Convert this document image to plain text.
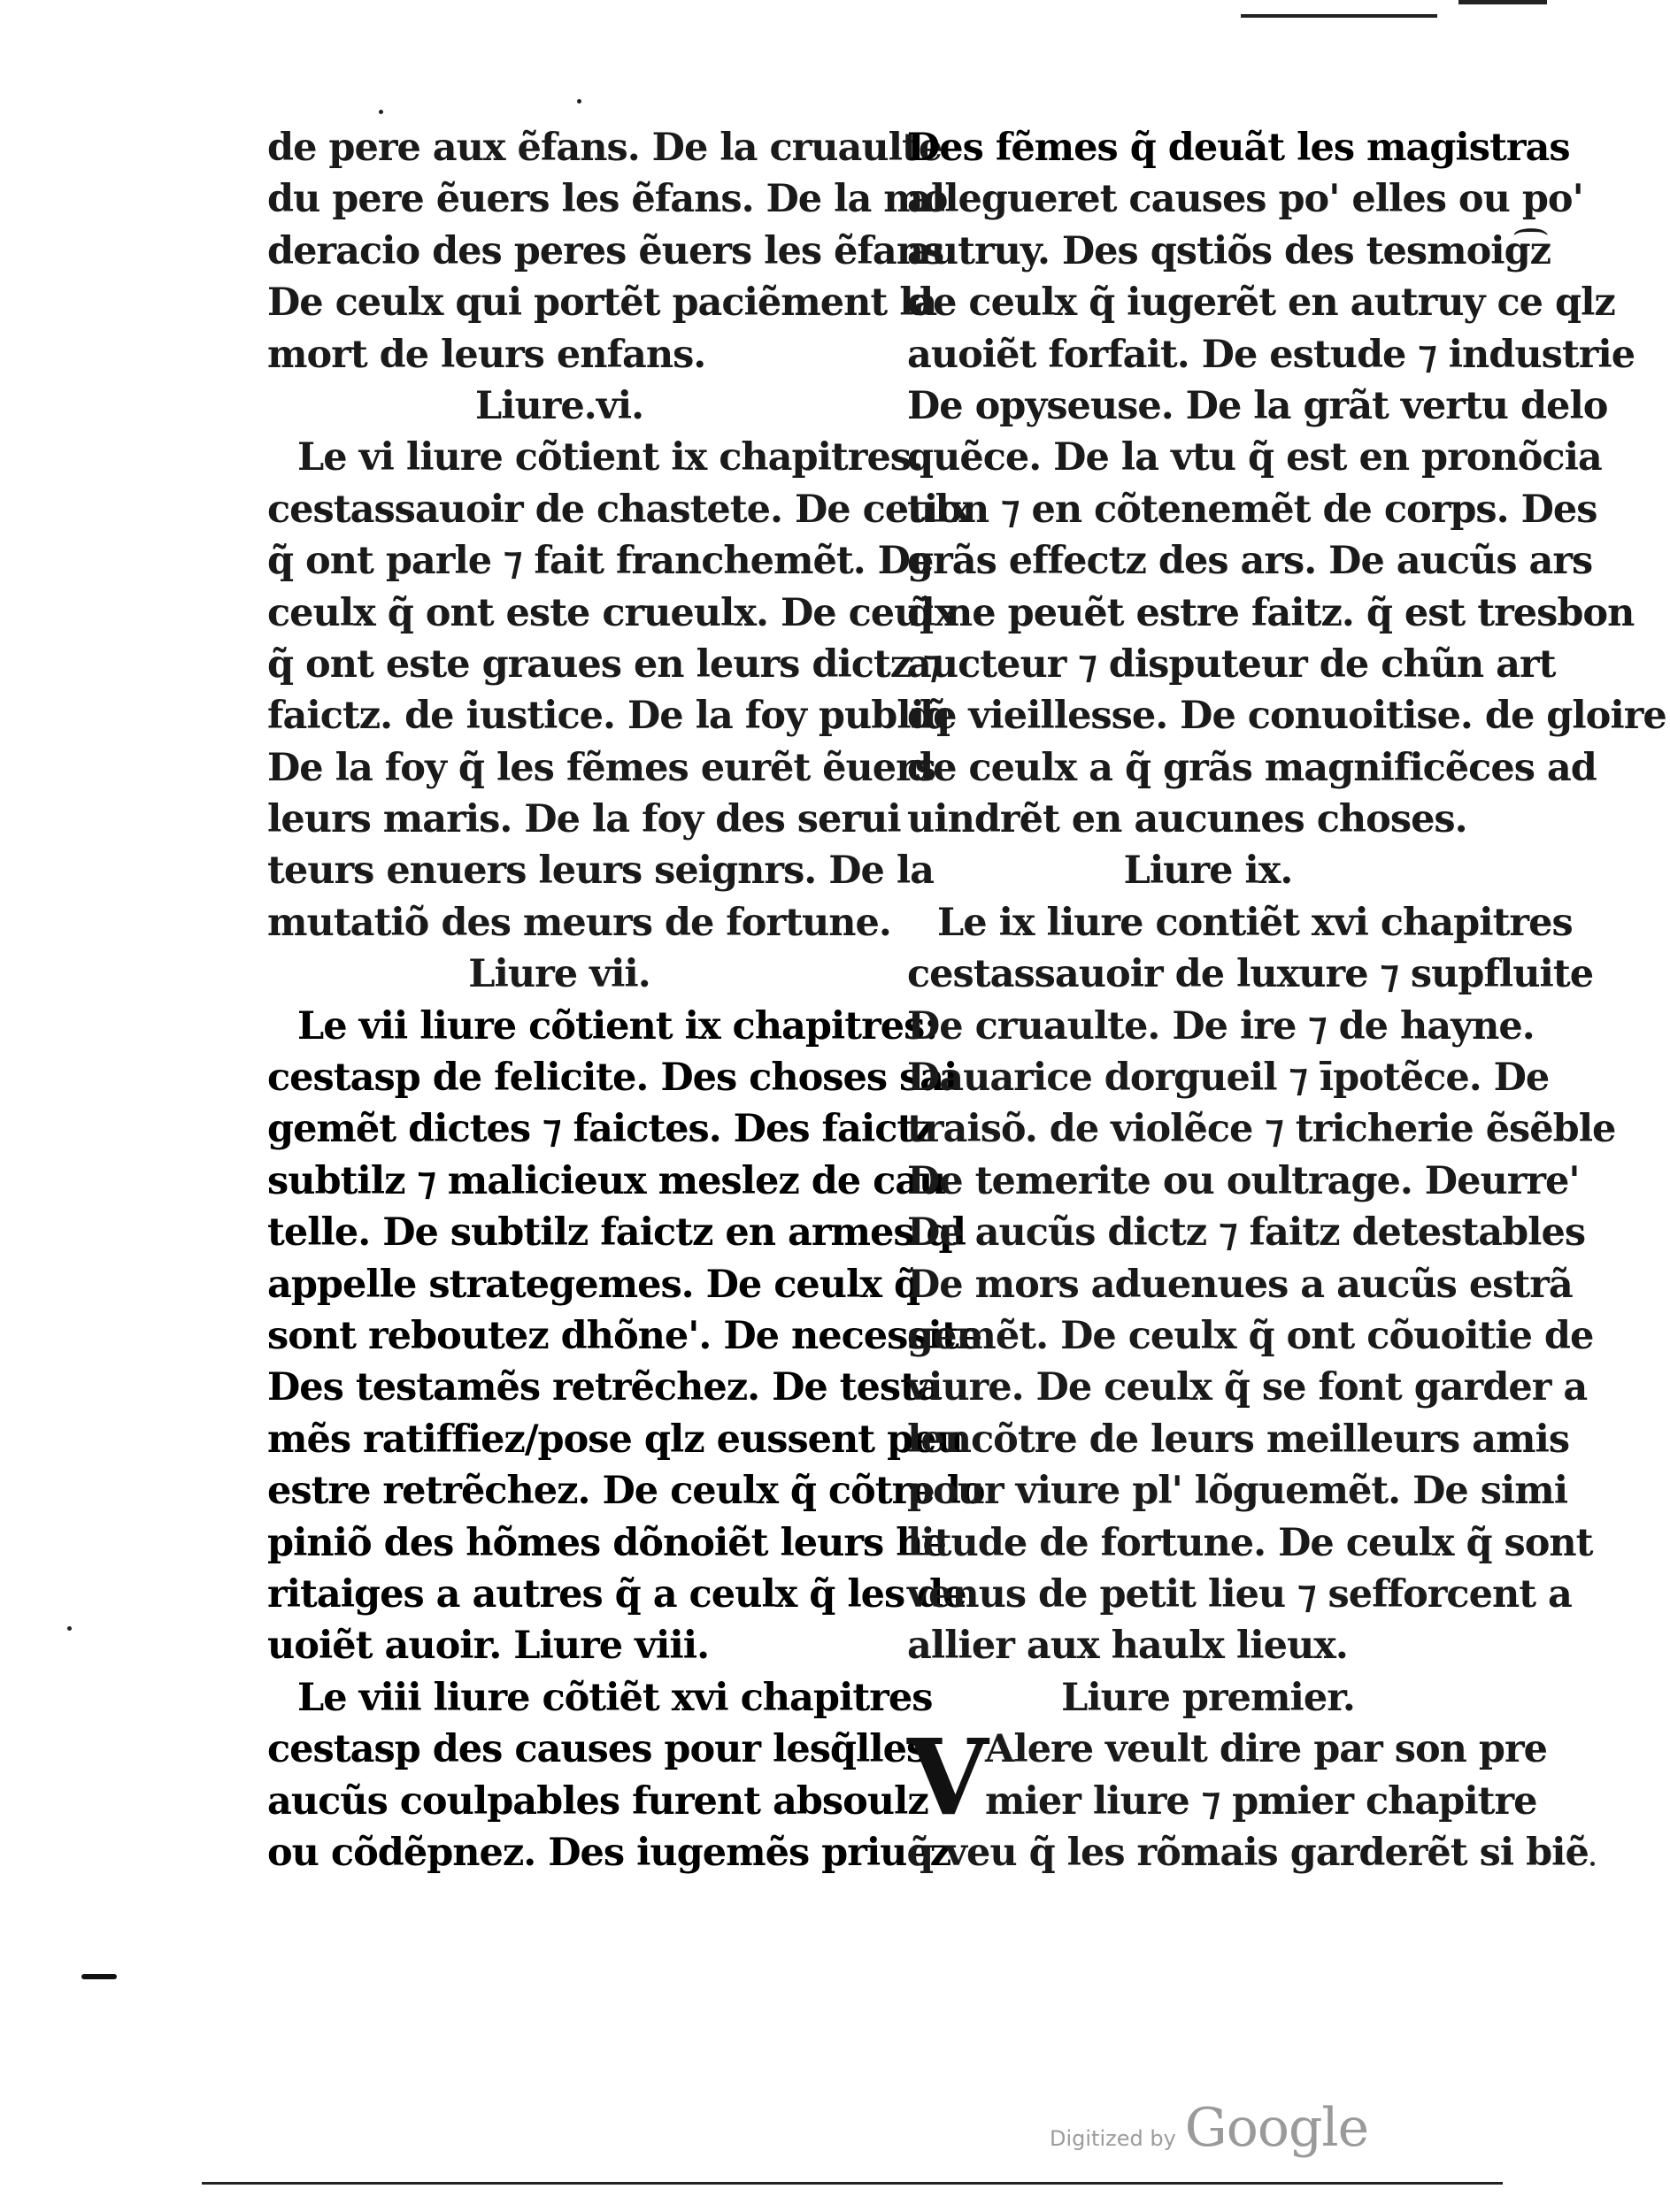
de pere aux ẽfans. De la cruaulte
du pere ẽuers les ẽfans. De la mo
deracio des peres ẽuers les ẽfans
De ceulx qui portẽt paciẽment la
mort de leurs enfans.
Liure.vi.
Le vi liure cõtient ix chapitres.
cestassauoir de chastete. De ceulx
q̃ ont parle ⁊ fait franchemẽt. De
ceulx q̃ ont este crueulx. De ceulx
q̃ ont este graues en leurs dictz ⁊
faictz. de iustice. De la foy publiq̃
De la foy q̃ les fẽmes eurẽt ẽuers
leurs maris. De la foy des serui
teurs enuers leurs seignrs. De la
mutatiõ des meurs de fortune.
Liure vii.
Le vii liure cõtient ix chapitres:
cestasp de felicite. Des choses sai
gemẽt dictes ⁊ faictes. Des faictz
subtilz ⁊ malicieux meslez de cau
telle. De subtilz faictz en armes ql
appelle strategemes. De ceulx q̃
sont reboutez dhõne'. De necessite
Des testamẽs retrẽchez. De testa
mẽs ratiffiez/pose qlz eussent peu
estre retrẽchez. De ceulx q̃ cõtre lo
piniõ des hõmes dõnoiẽt leurs he
ritaiges a autres q̃ a ceulx q̃ les de
uoiẽt auoir. Liure viii.
Le viii liure cõtiẽt xvi chapitres
cestasp des causes pour lesq̃lles
aucũs coulpables furent absoulz
ou cõdẽpnez. Des iugemẽs priuez
Des fẽmes q̃ deuãt les magistras
allegueret causes po' elles ou po'
autruy. Des qstiõs des tesmoig͡z
de ceulx q̃ iugerẽt en autruy ce qlz
auoiẽt forfait. De estude ⁊ industrie
De opyseuse. De la grãt vertu delo
quẽce. De la vtu q̃ est en pronõcia
tion ⁊ en cõtenemẽt de corps. Des
grãs effectz des ars. De aucũs ars
q̃ ne peuẽt estre faitz. q̃ est tresbon
aucteur ⁊ disputeur de chũn art
de vieillesse. De conuoitise. de gloire
de ceulx a q̃ grãs magnificẽces ad
uindrẽt en aucunes choses.
Liure ix.
Le ix liure contiẽt xvi chapitres
cestassauoir de luxure ⁊ supfluite
De cruaulte. De ire ⁊ de hayne.
Dauarice dorgueil ⁊ īpotẽce. De
traisõ. de violẽce ⁊ tricherie ẽsẽble
De temerite ou oultrage. Deurre'
De aucũs dictz ⁊ faitz detestables
De mors aduenues a aucũs estrã
gemẽt. De ceulx q̃ ont cõuoitie de
viure. De ceulx q̃ se font garder a
lencõtre de leurs meilleurs amis
pour viure pl' lõguemẽt. De simi
litude de fortune. De ceulx q̃ sont
venus de petit lieu ⁊ sefforcent a
allier aux haulx lieux.
Liure premier.
V
Alere veult dire par son pre
mier liure ⁊ pmier chapitre
q̃ veu q̃ les rõmais garderẽt si biẽ
Digitized by Google
